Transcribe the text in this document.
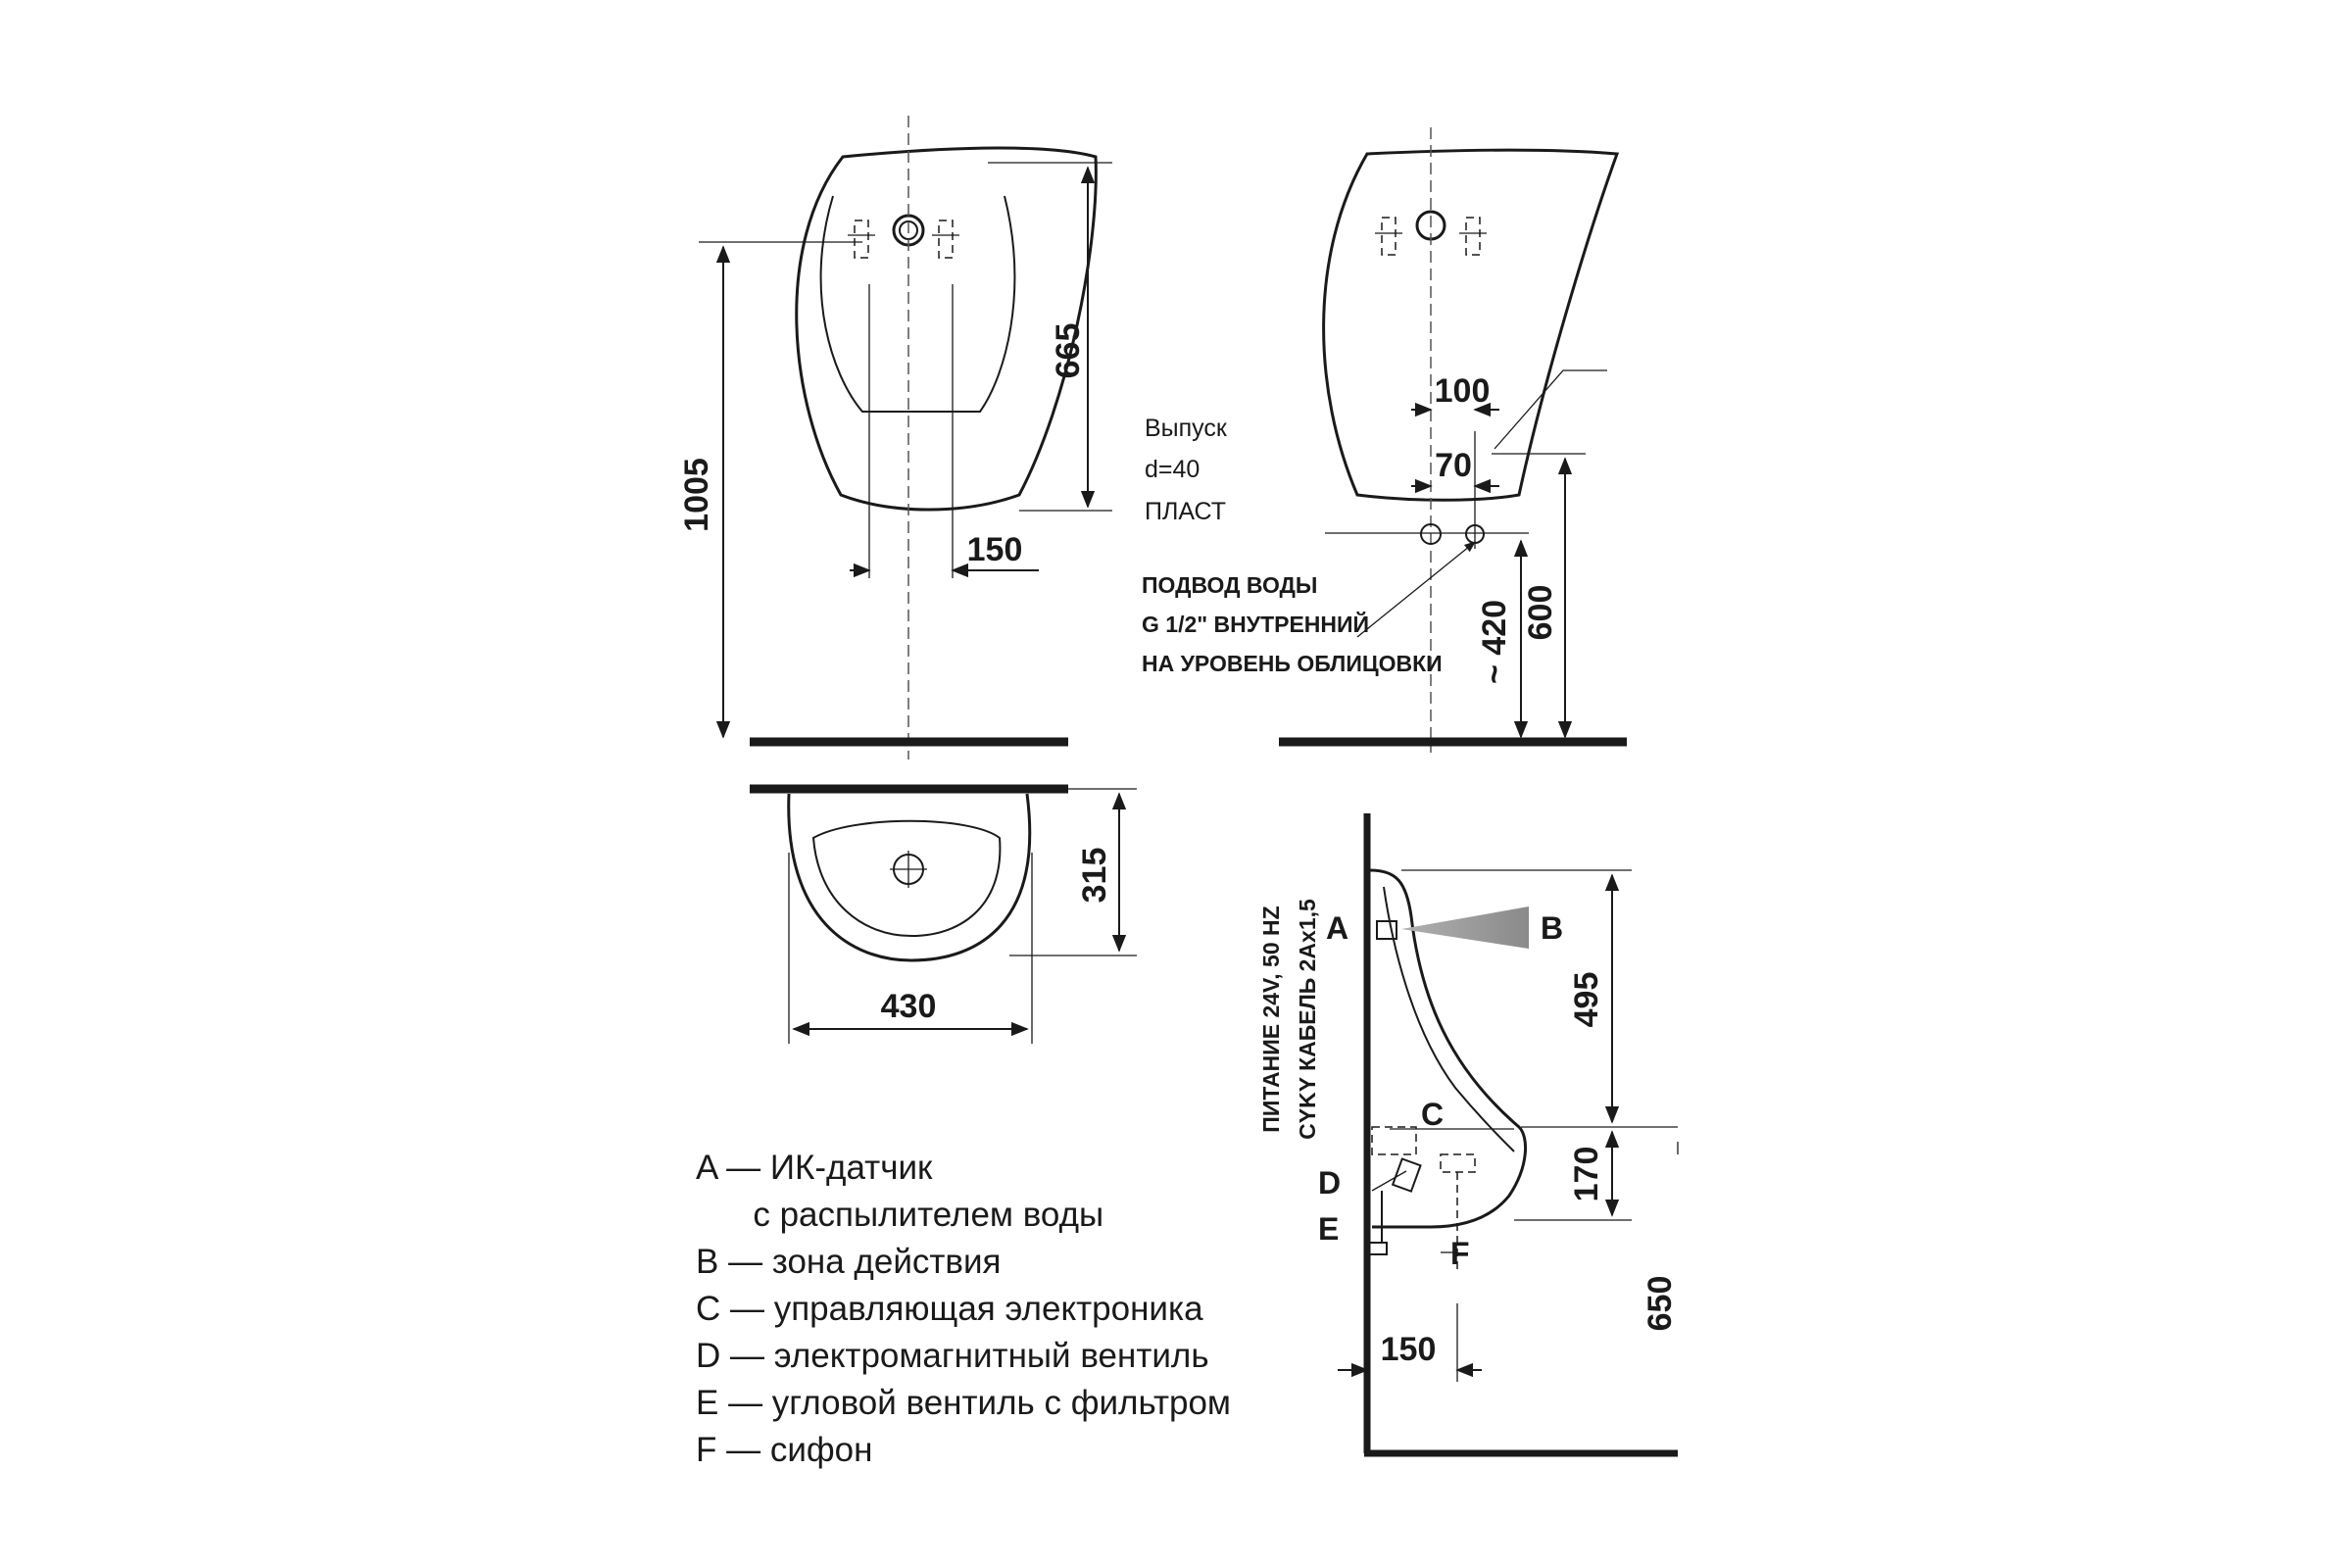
1005
665
150
100
70
Выпуск
d=40
ПЛАСТ
ПОДВОД ВОДЫ
G 1/2" ВНУТРЕННИЙ
НА УРОВЕНЬ ОБЛИЦОВКИ ~ 420 600
315
430	ПИТАНИЕ 24V, 50 HZ CYKY КАБЕЛЬ 2Ax1,5 A	B
C
D
E
F
495
170
650
150
A — ИК-датчик
с распылителем воды
B — зона действия
C — управляющая электроника
D — электромагнитный вентиль
E — угловой вентиль с фильтром
F — сифон
